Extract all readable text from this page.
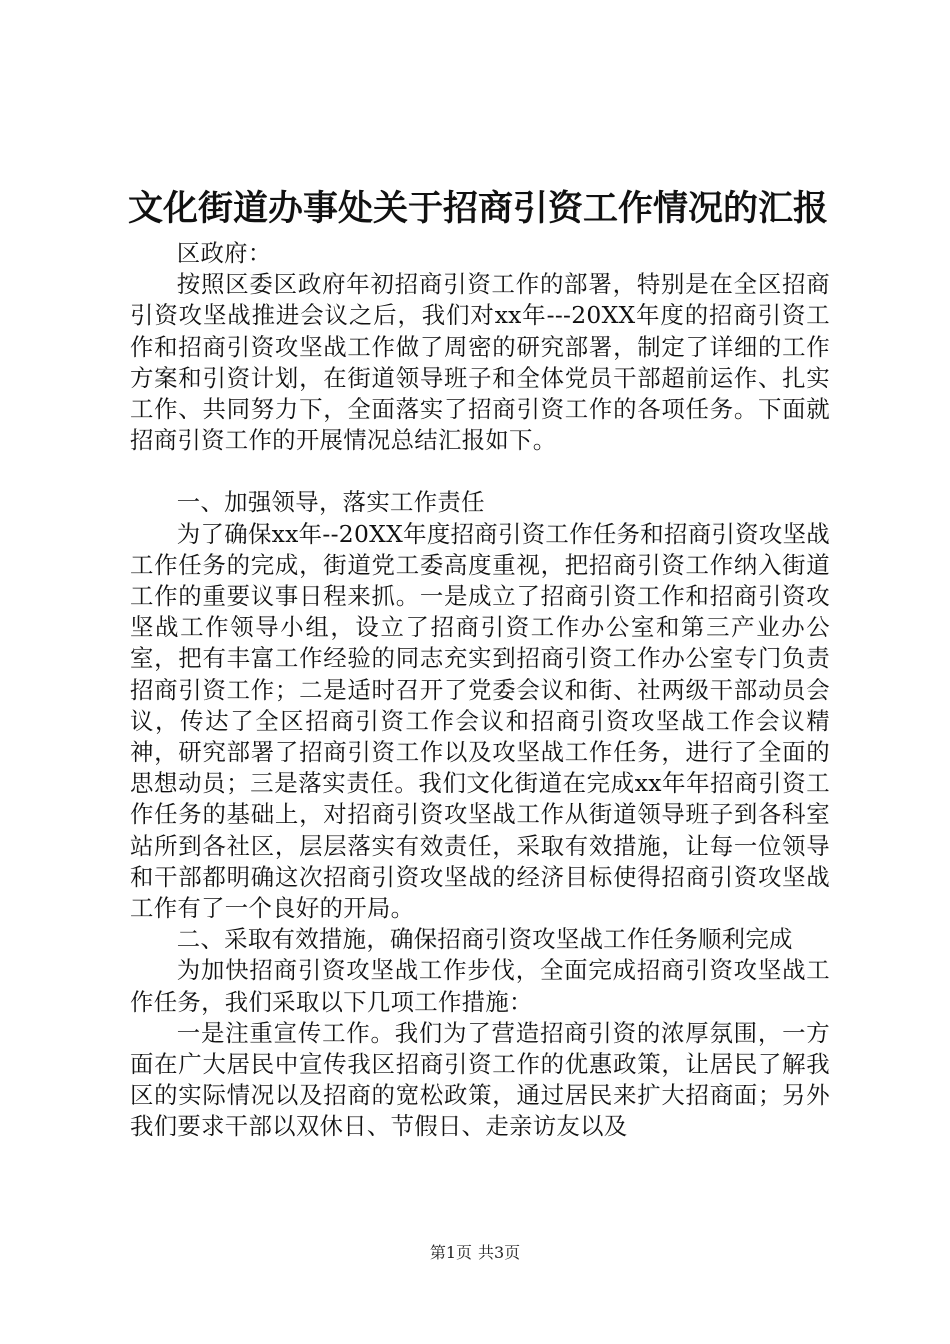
文化街道办事处关于招商引资工作情况的汇报

区政府：

按照区委区政府年初招商引资工作的部署，特别是在全区招商引资攻坚战推进会议之后，我们对xx年---20XX年度的招商引资工作和招商引资攻坚战工作做了周密的研究部署，制定了详细的工作方案和引资计划，在街道领导班子和全体党员干部超前运作、扎实工作、共同努力下，全面落实了招商引资工作的各项任务。下面就招商引资工作的开展情况总结汇报如下。

一、加强领导，落实工作责任

为了确保xx年--20XX年度招商引资工作任务和招商引资攻坚战工作任务的完成，街道党工委高度重视，把招商引资工作纳入街道工作的重要议事日程来抓。一是成立了招商引资工作和招商引资攻坚战工作领导小组，设立了招商引资工作办公室和第三产业办公室，把有丰富工作经验的同志充实到招商引资工作办公室专门负责招商引资工作；二是适时召开了党委会议和街、社两级干部动员会议，传达了全区招商引资工作会议和招商引资攻坚战工作会议精神，研究部署了招商引资工作以及攻坚战工作任务，进行了全面的思想动员；三是落实责任。我们文化街道在完成xx年年招商引资工作任务的基础上，对招商引资攻坚战工作从街道领导班子到各科室站所到各社区，层层落实有效责任，采取有效措施，让每一位领导和干部都明确这次招商引资攻坚战的经济目标使得招商引资攻坚战工作有了一个良好的开局。

二、采取有效措施，确保招商引资攻坚战工作任务顺利完成

为加快招商引资攻坚战工作步伐，全面完成招商引资攻坚战工作任务，我们采取以下几项工作措施：

一是注重宣传工作。我们为了营造招商引资的浓厚氛围，一方面在广大居民中宣传我区招商引资工作的优惠政策，让居民了解我区的实际情况以及招商的宽松政策，通过居民来扩大招商面；另外我们要求干部以双休日、节假日、走亲访友以及

第1页 共3页
